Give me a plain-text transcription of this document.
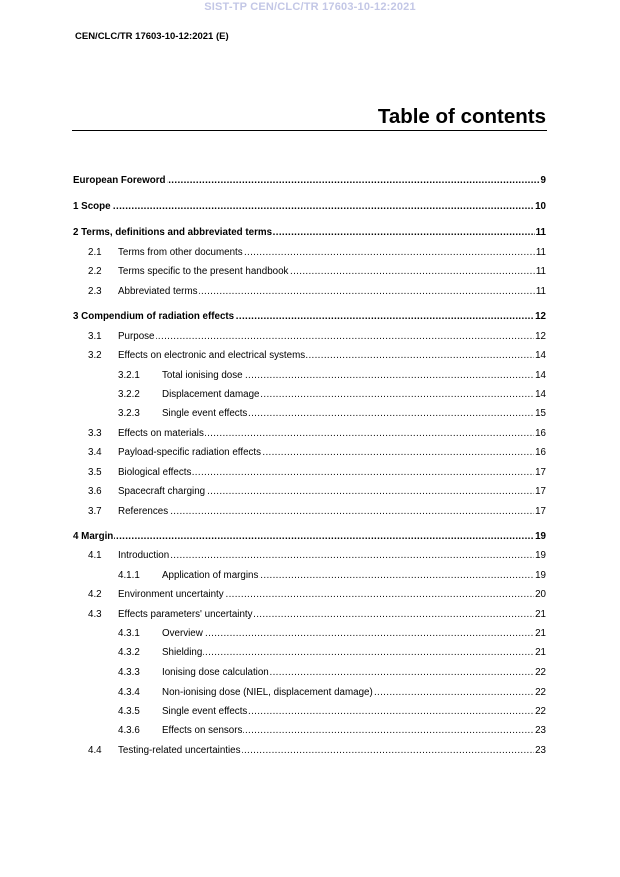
SIST-TP CEN/CLC/TR 17603-10-12:2021
CEN/CLC/TR 17603-10-12:2021 (E)
Table of contents
.....
European Foreword	9
.....
1 Scope	10
.....
2 Terms, definitions and abbreviated terms	11
2.1 ..... Terms from other documents	11
2.2 ..... Terms specific to the present handbook	11
2.3 ..... Abbreviated terms	11
.....
3 Compendium of radiation effects	12
3.1 ..... Purpose	12
3.2 ..... Effects on electronic and electrical systems	14
3.2.1 ..... Total ionising dose	14
3.2.2 ..... Displacement damage	14
3.2.3 ..... Single event effects	15
3.3 ..... Effects on materials	16
3.4 ..... Payload-specific radiation effects	16
3.5 ..... Biological effects	17
3.6 ..... Spacecraft charging	17
3.7 ..... References	17
.....
4 Margin	19
4.1 ..... Introduction	19
4.1.1 ..... Application of margins	19
4.2 ..... Environment uncertainty	20
4.3 ..... Effects parameters' uncertainty	21
4.3.1 ..... Overview	21
4.3.2 ..... Shielding	21
4.3.3 ..... Ionising dose calculation	22
4.3.4 ..... Non-ionising dose (NIEL, displacement damage)	22
4.3.5 ..... Single event effects	22
4.3.6 ..... Effects on sensors	23
4.4 ..... Testing-related uncertainties	23
